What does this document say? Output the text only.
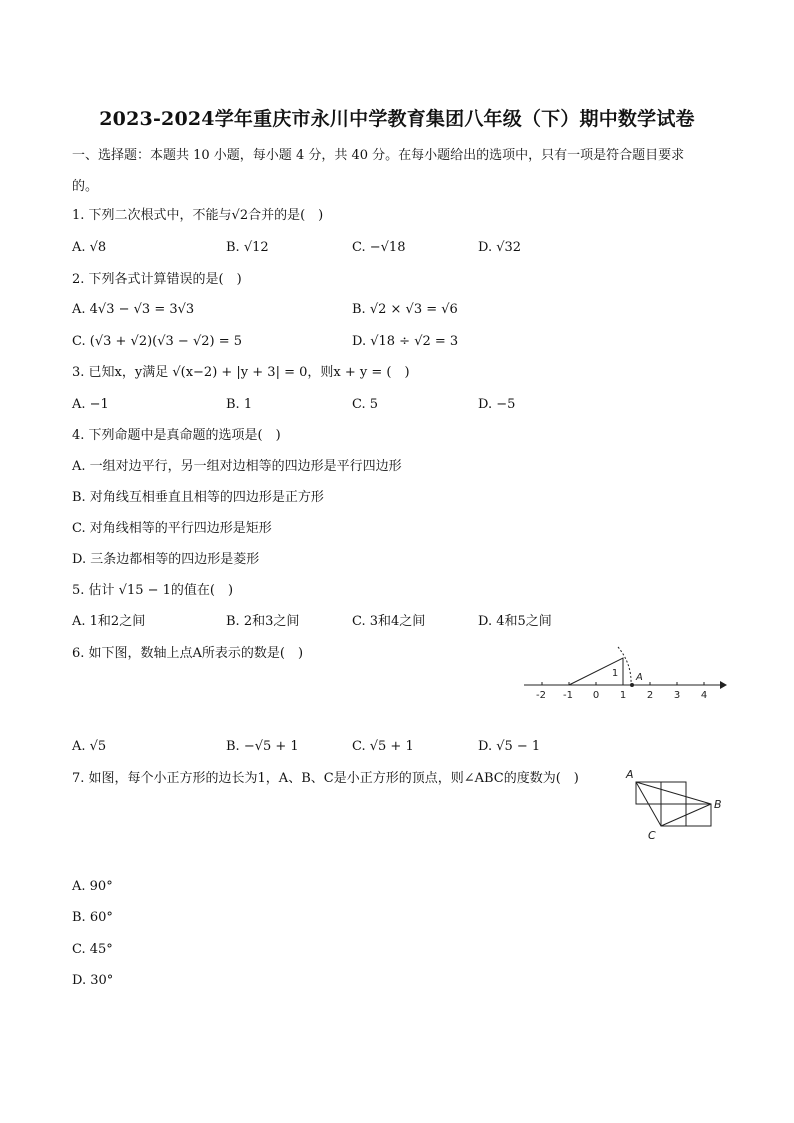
2023-2024学年重庆市永川中学教育集团八年级（下）期中数学试卷
一、选择题：本题共 10 小题，每小题 4 分，共 40 分。在每小题给出的选项中，只有一项是符合题目要求
的。
1. 下列二次根式中，不能与√2合并的是(　)
A. √8	B. √12	C. −√18	D. √32
2. 下列各式计算错误的是(　)
A. 4√3 − √3 = 3√3	B. √2 × √3 = √6
C. (√3 + √2)(√3 − √2) = 5	D. √18 ÷ √2 = 3
3. 已知x，y满足 √(x−2) + |y + 3| = 0，则x + y = (　)
A. −1	B. 1	C. 5	D. −5
4. 下列命题中是真命题的选项是(　)
A. 一组对边平行，另一组对边相等的四边形是平行四边形
B. 对角线互相垂直且相等的四边形是正方形
C. 对角线相等的平行四边形是矩形
D. 三条边都相等的四边形是菱形
5. 估计 √15 − 1的值在(　)
A. 1和2之间	B. 2和3之间	C. 3和4之间	D. 4和5之间
6. 如下图，数轴上点A所表示的数是(　)
-2 -1 0 1 2 3 4
1 A
A. √5	B. −√5 + 1	C. √5 + 1	D. √5 − 1
7. 如图，每个小正方形的边长为1，A、B、C是小正方形的顶点，则∠ABC的度数为(　)	A
B
C
A. 90°
B. 60°
C. 45°
D. 30°
